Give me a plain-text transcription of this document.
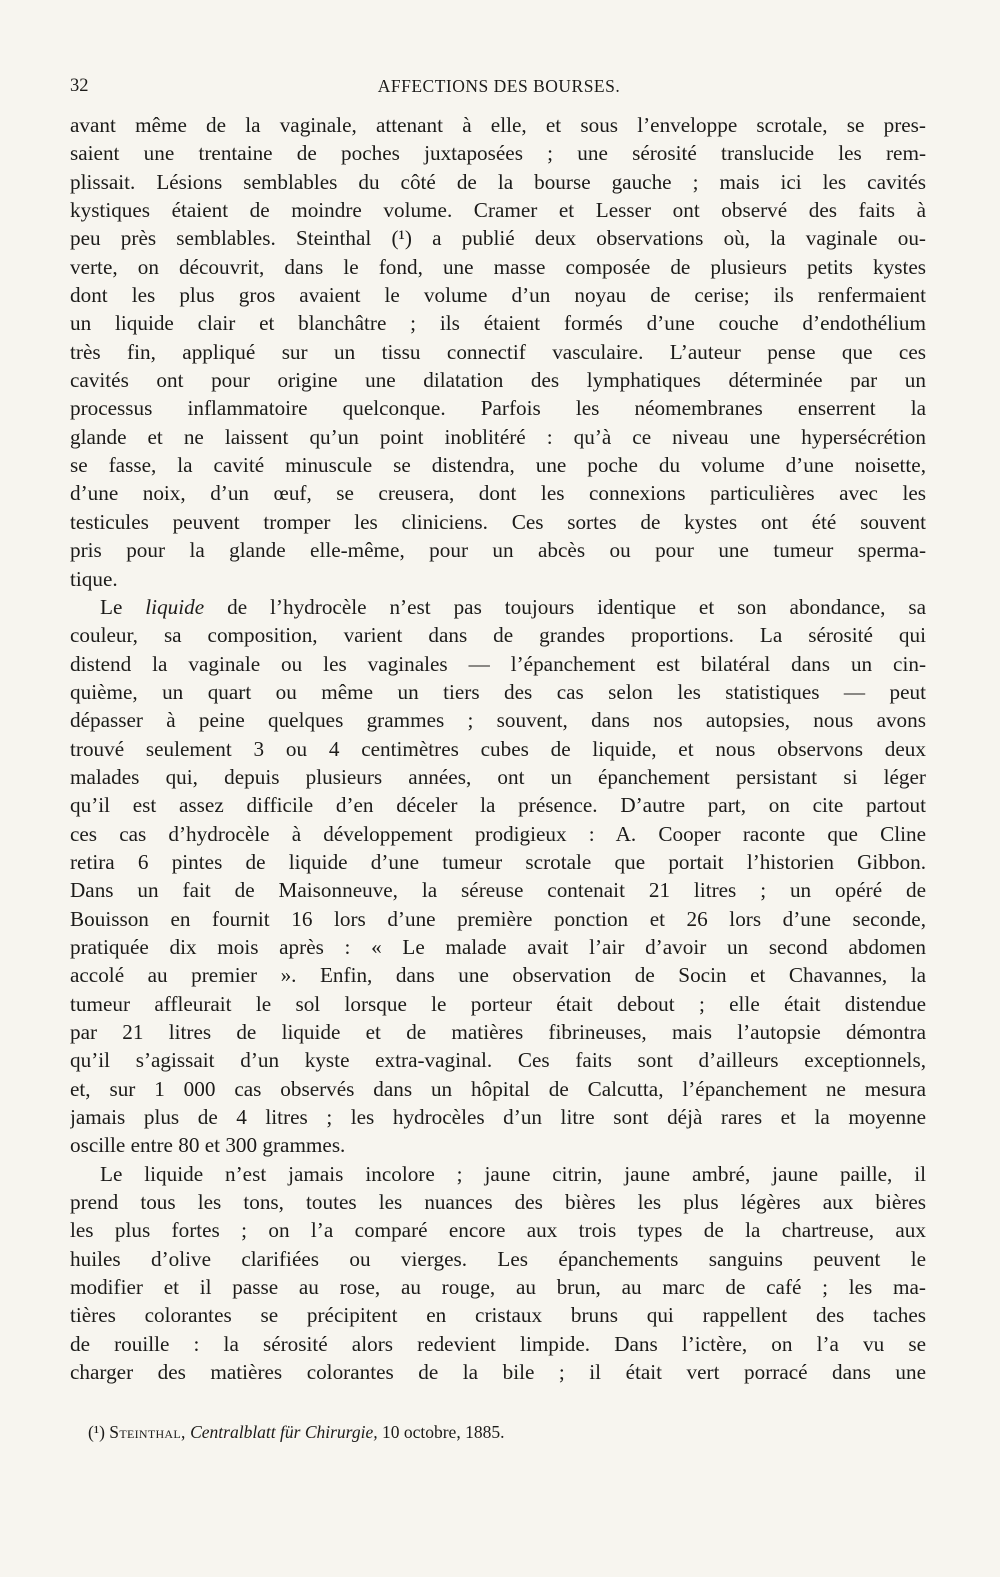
32	AFFECTIONS DES BOURSES.
avant même de la vaginale, attenant à elle, et sous l’enveloppe scrotale, se pres-
saient une trentaine de poches juxtaposées ; une sérosité translucide les rem-
plissait. Lésions semblables du côté de la bourse gauche ; mais ici les cavités
kystiques étaient de moindre volume. Cramer et Lesser ont observé des faits à
peu près semblables. Steinthal (¹) a publié deux observations où, la vaginale ou-
verte, on découvrit, dans le fond, une masse composée de plusieurs petits kystes
dont les plus gros avaient le volume d’un noyau de cerise; ils renfermaient
un liquide clair et blanchâtre ; ils étaient formés d’une couche d’endothélium
très fin, appliqué sur un tissu connectif vasculaire. L’auteur pense que ces
cavités ont pour origine une dilatation des lymphatiques déterminée par un
processus inflammatoire quelconque. Parfois les néomembranes enserrent la
glande et ne laissent qu’un point inoblitéré : qu’à ce niveau une hypersécrétion
se fasse, la cavité minuscule se distendra, une poche du volume d’une noisette,
d’une noix, d’un œuf, se creusera, dont les connexions particulières avec les
testicules peuvent tromper les cliniciens. Ces sortes de kystes ont été souvent
pris pour la glande elle-même, pour un abcès ou pour une tumeur sperma-
tique.
Le liquide de l’hydrocèle n’est pas toujours identique et son abondance, sa
couleur, sa composition, varient dans de grandes proportions. La sérosité qui
distend la vaginale ou les vaginales — l’épanchement est bilatéral dans un cin-
quième, un quart ou même un tiers des cas selon les statistiques — peut
dépasser à peine quelques grammes ; souvent, dans nos autopsies, nous avons
trouvé seulement 3 ou 4 centimètres cubes de liquide, et nous observons deux
malades qui, depuis plusieurs années, ont un épanchement persistant si léger
qu’il est assez difficile d’en déceler la présence. D’autre part, on cite partout
ces cas d’hydrocèle à développement prodigieux : A. Cooper raconte que Cline
retira 6 pintes de liquide d’une tumeur scrotale que portait l’historien Gibbon.
Dans un fait de Maisonneuve, la séreuse contenait 21 litres ; un opéré de
Bouisson en fournit 16 lors d’une première ponction et 26 lors d’une seconde,
pratiquée dix mois après : « Le malade avait l’air d’avoir un second abdomen
accolé au premier ». Enfin, dans une observation de Socin et Chavannes, la
tumeur affleurait le sol lorsque le porteur était debout ; elle était distendue
par 21 litres de liquide et de matières fibrineuses, mais l’autopsie démontra
qu’il s’agissait d’un kyste extra-vaginal. Ces faits sont d’ailleurs exceptionnels,
et, sur 1 000 cas observés dans un hôpital de Calcutta, l’épanchement ne mesura
jamais plus de 4 litres ; les hydrocèles d’un litre sont déjà rares et la moyenne
oscille entre 80 et 300 grammes.
Le liquide n’est jamais incolore ; jaune citrin, jaune ambré, jaune paille, il
prend tous les tons, toutes les nuances des bières les plus légères aux bières
les plus fortes ; on l’a comparé encore aux trois types de la chartreuse, aux
huiles d’olive clarifiées ou vierges. Les épanchements sanguins peuvent le
modifier et il passe au rose, au rouge, au brun, au marc de café ; les ma-
tières colorantes se précipitent en cristaux bruns qui rappellent des taches
de rouille : la sérosité alors redevient limpide. Dans l’ictère, on l’a vu se
charger des matières colorantes de la bile ; il était vert porracé dans une
(¹) Steinthal, Centralblatt für Chirurgie, 10 octobre, 1885.
